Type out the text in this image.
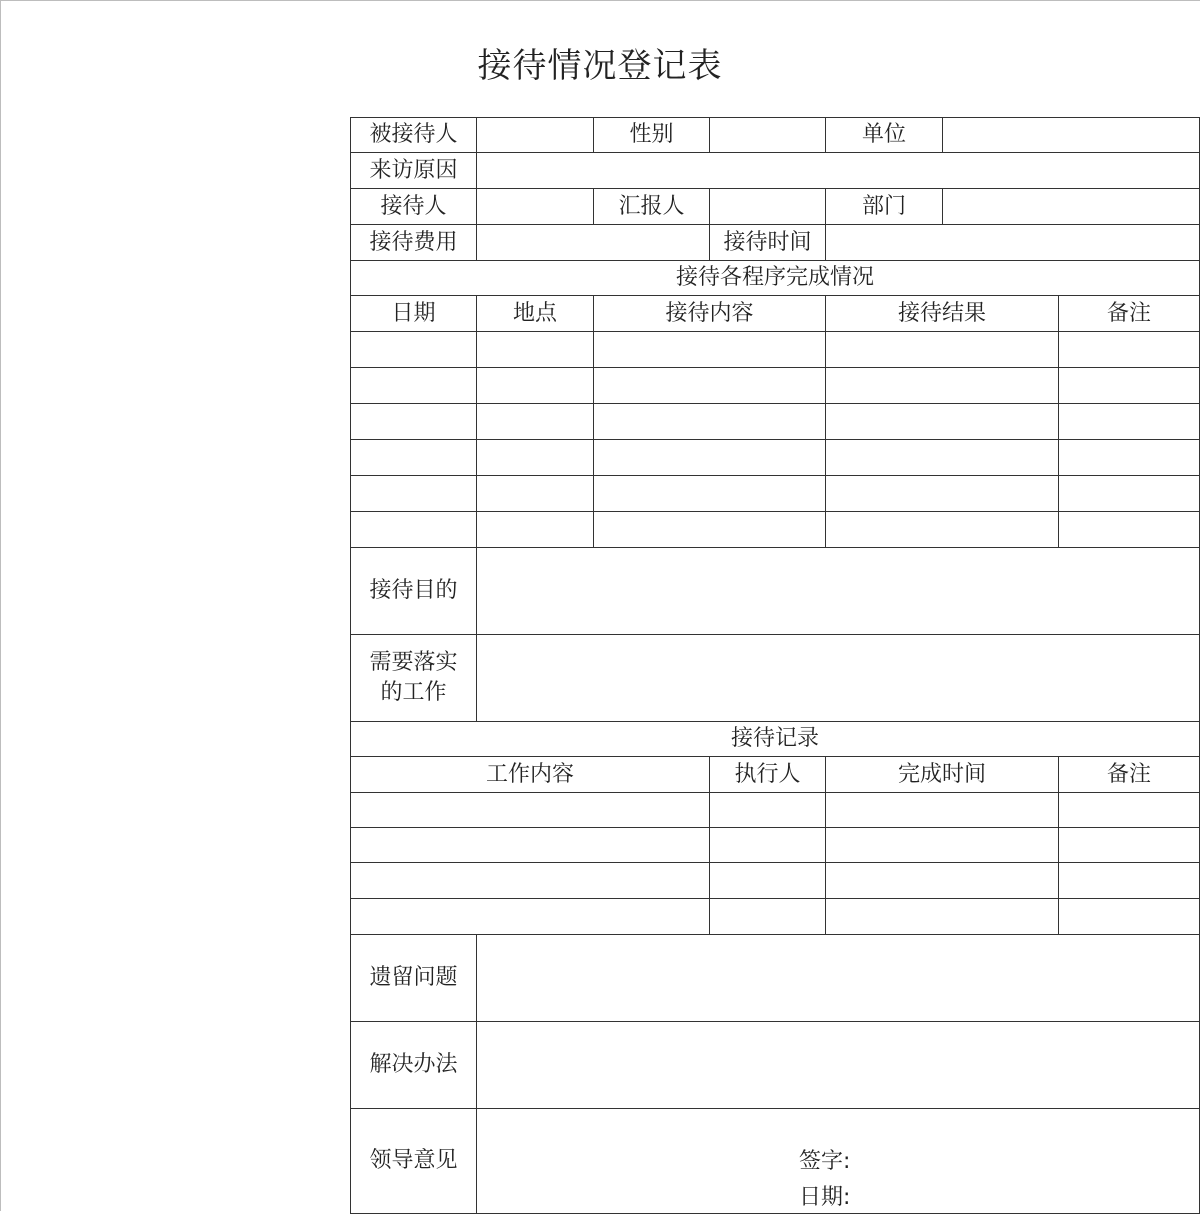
接待情况登记表
被接待人		性别		单位		
来访原因						
接待人		汇报人		部门		
接待费用			接待时间			
接待各程序完成情况						
日期	地点	接待内容		接待结果		备注

接待目的						

需要落实
的工作						

接待记录						
工作内容			执行人	完成时间		备注

遗留问题						
解决办法						
领导意见	签字:
日期:					
